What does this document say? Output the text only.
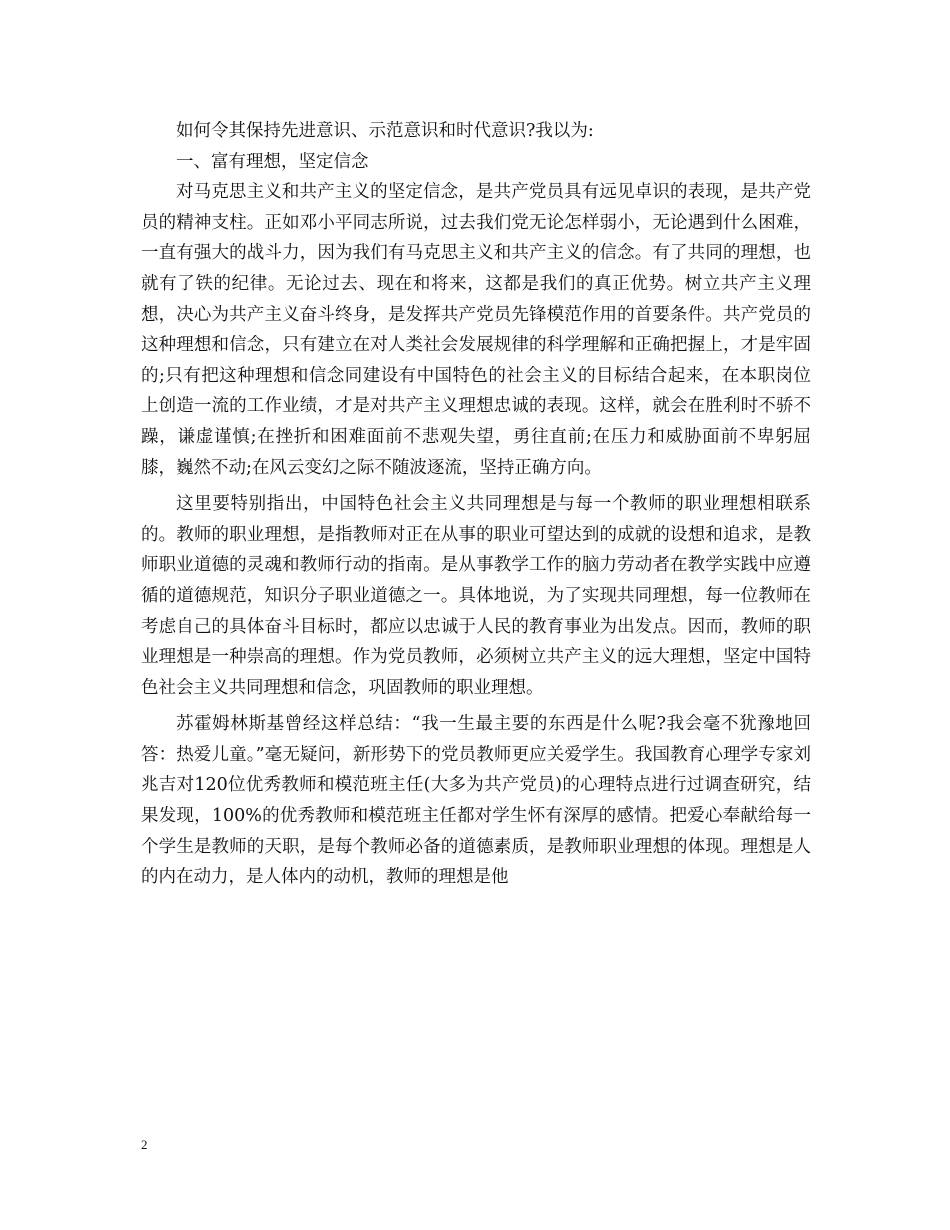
如何令其保持先进意识、示范意识和时代意识?我以为:

一、富有理想，坚定信念

对马克思主义和共产主义的坚定信念，是共产党员具有远见卓识的表现，是共产党员的精神支柱。正如邓小平同志所说，过去我们党无论怎样弱小，无论遇到什么困难，一直有强大的战斗力，因为我们有马克思主义和共产主义的信念。有了共同的理想，也就有了铁的纪律。无论过去、现在和将来，这都是我们的真正优势。树立共产主义理想，决心为共产主义奋斗终身，是发挥共产党员先锋模范作用的首要条件。共产党员的这种理想和信念，只有建立在对人类社会发展规律的科学理解和正确把握上，才是牢固的;只有把这种理想和信念同建设有中国特色的社会主义的目标结合起来，在本职岗位上创造一流的工作业绩，才是对共产主义理想忠诚的表现。这样，就会在胜利时不骄不躁，谦虚谨慎;在挫折和困难面前不悲观失望，勇往直前;在压力和威胁面前不卑躬屈膝，巍然不动;在风云变幻之际不随波逐流，坚持正确方向。

这里要特别指出，中国特色社会主义共同理想是与每一个教师的职业理想相联系的。教师的职业理想，是指教师对正在从事的职业可望达到的成就的设想和追求，是教师职业道德的灵魂和教师行动的指南。是从事教学工作的脑力劳动者在教学实践中应遵循的道德规范，知识分子职业道德之一。具体地说，为了实现共同理想，每一位教师在考虑自己的具体奋斗目标时，都应以忠诚于人民的教育事业为出发点。因而，教师的职业理想是一种崇高的理想。作为党员教师，必须树立共产主义的远大理想，坚定中国特色社会主义共同理想和信念，巩固教师的职业理想。

苏霍姆林斯基曾经这样总结：“我一生最主要的东西是什么呢?我会毫不犹豫地回答：热爱儿童。”毫无疑问，新形势下的党员教师更应关爱学生。我国教育心理学专家刘兆吉对120位优秀教师和模范班主任(大多为共产党员)的心理特点进行过调查研究，结果发现，100%的优秀教师和模范班主任都对学生怀有深厚的感情。把爱心奉献给每一个学生是教师的天职，是每个教师必备的道德素质，是教师职业理想的体现。理想是人的内在动力，是人体内的动机，教师的理想是他

2
